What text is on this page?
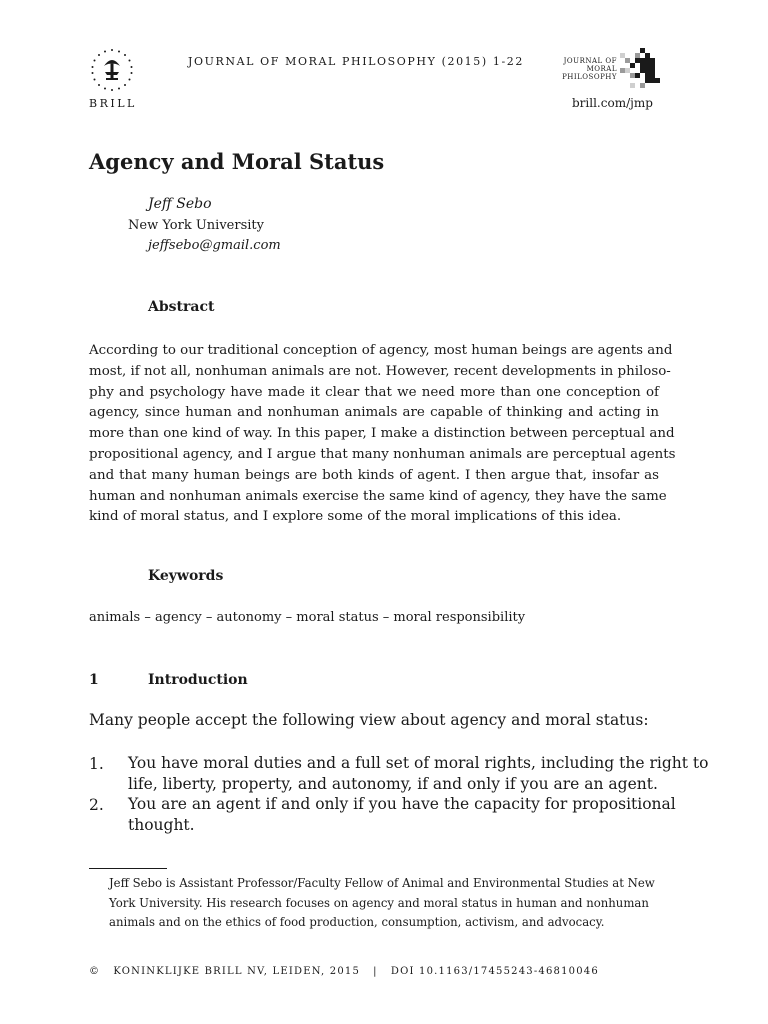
BRILL
JOURNAL OF MORAL PHILOSOPHY (2015) 1-22	JOURNAL OF
MORAL
PHILOSOPHY
brill.com/jmp
Agency and Moral Status
Jeff Sebo
New York University
jeffsebo@gmail.com
Abstract
According to our traditional conception of agency, most human beings are agents and
most, if not all, nonhuman animals are not. However, recent developments in philoso-
phy and psychology have made it clear that we need more than one conception of
agency, since human and nonhuman animals are capable of thinking and acting in
more than one kind of way. In this paper, I make a distinction between perceptual and
propositional agency, and I argue that many nonhuman animals are perceptual agents
and that many human beings are both kinds of agent. I then argue that, insofar as
human and nonhuman animals exercise the same kind of agency, they have the same
kind of moral status, and I explore some of the moral implications of this idea.
Keywords
animals – agency – autonomy – moral status – moral responsibility
1	Introduction
Many people accept the following view about agency and moral status:
1. You have moral duties and a full set of moral rights, including the right to
life, liberty, property, and autonomy, if and only if you are an agent.
2. You are an agent if and only if you have the capacity for propositional
thought.
Jeff Sebo is Assistant Professor/Faculty Fellow of Animal and Environmental Studies at New
York University. His research focuses on agency and moral status in human and nonhuman
animals and on the ethics of food production, consumption, activism, and advocacy.
© KONINKLIJKE BRILL NV, LEIDEN, 2015 | DOI 10.1163/17455243-46810046
